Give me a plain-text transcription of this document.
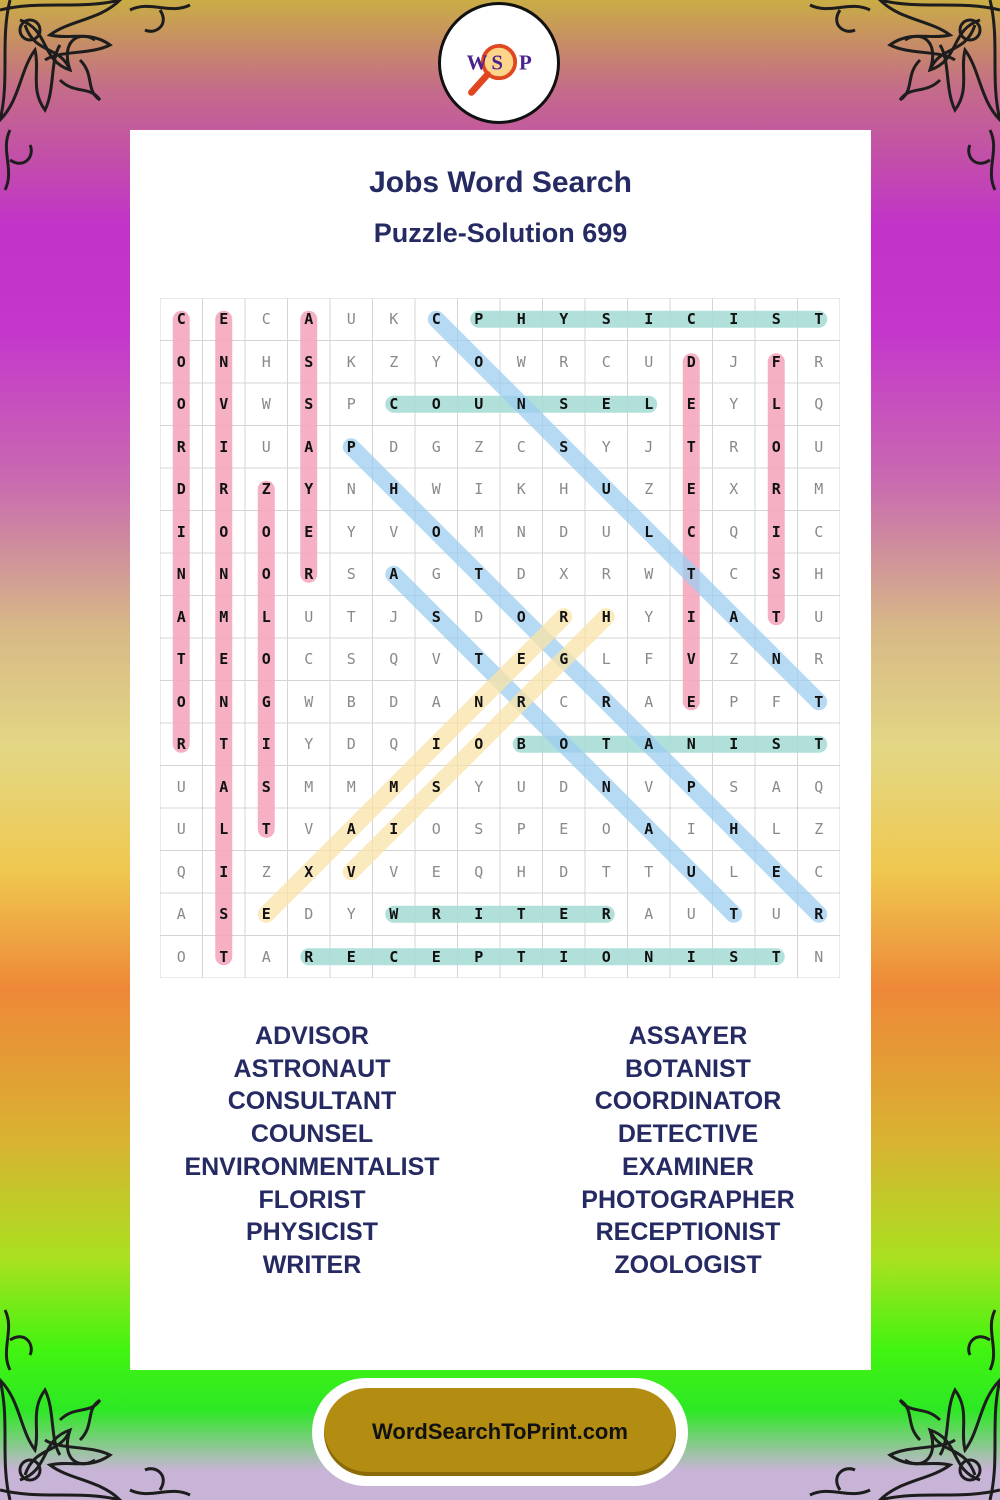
W S P
Jobs Word Search
Puzzle-Solution 699
C	E	C	A	U	K	C	P	H	Y	S	I	C	I	S	T
O	N	H	S	K	Z	Y	O	W	R	C	U	D	J	F	R
O	V	W	S	P	C	O	U	N	S	E	L	E	Y	L	Q
R	I	U	A	P	D	G	Z	C	S	Y	J	T	R	O	U
D	R	Z	Y	N	H	W	I	K	H	U	Z	E	X	R	M
I	O	O	E	Y	V	O	M	N	D	U	L	C	Q	I	C
N	N	O	R	S	A	G	T	D	X	R	W	T	C	S	H
A	M	L	U	T	J	S	D	O	R	H	Y	I	A	T	U
T	E	O	C	S	Q	V	T	E	G	L	F	V	Z	N	R
O	N	G	W	B	D	A	N	R	C	R	A	E	P	F	T
R	T	I	Y	D	Q	I	O	B	O	T	A	N	I	S	T
U	A	S	M	M	M	S	Y	U	D	N	V	P	S	A	Q
U	L	T	V	A	I	O	S	P	E	O	A	I	H	L	Z
Q	I	Z	X	V	V	E	Q	H	D	T	T	U	L	E	C
A	S	E	D	Y	W	R	I	T	E	R	A	U	T	U	R
O	T	A	R	E	C	E	P	T	I	O	N	I	S	T	N
ADVISOR
ASTRONAUT
CONSULTANT
COUNSEL
ENVIRONMENTALIST
FLORIST
PHYSICIST
WRITER
ASSAYER
BOTANIST
COORDINATOR
DETECTIVE
EXAMINER
PHOTOGRAPHER
RECEPTIONIST
ZOOLOGIST
WordSearchToPrint.com
